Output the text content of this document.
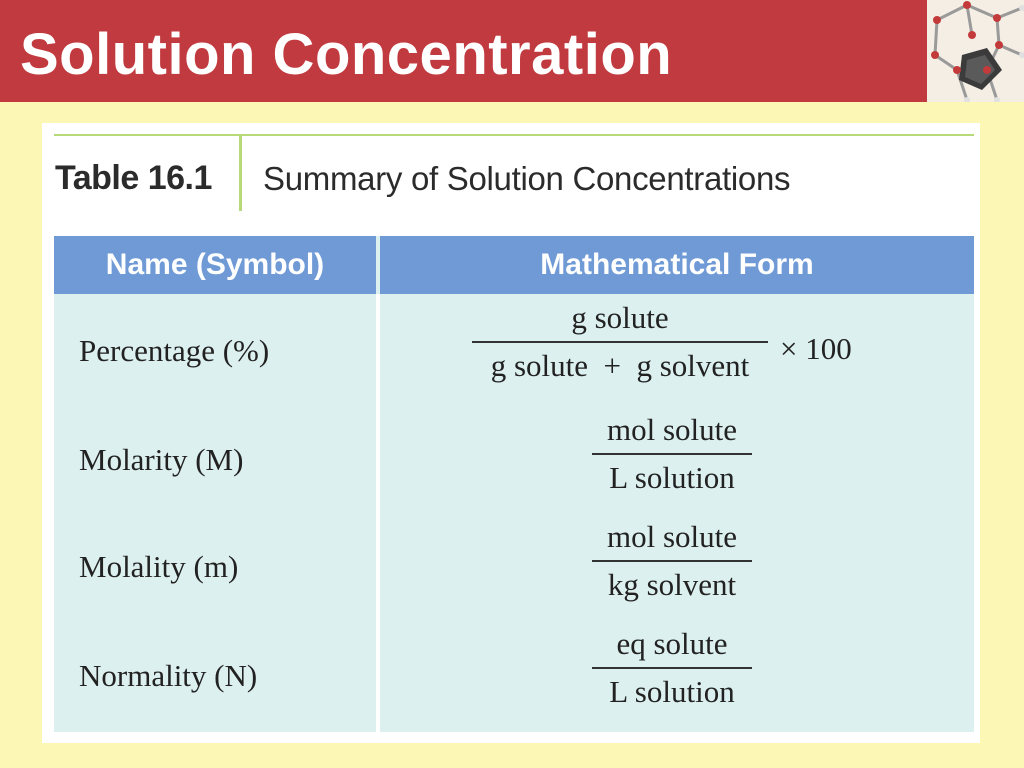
Solution Concentration
Table 16.1 Summary of Solution Concentrations
Name (Symbol)	Mathematical Form
Percentage (%)
g solute
g solute  +  g solvent × 100
Molarity (M)
mol solute
L solution
Molality (m)
mol solute
kg solvent
Normality (N)
eq solute
L solution
